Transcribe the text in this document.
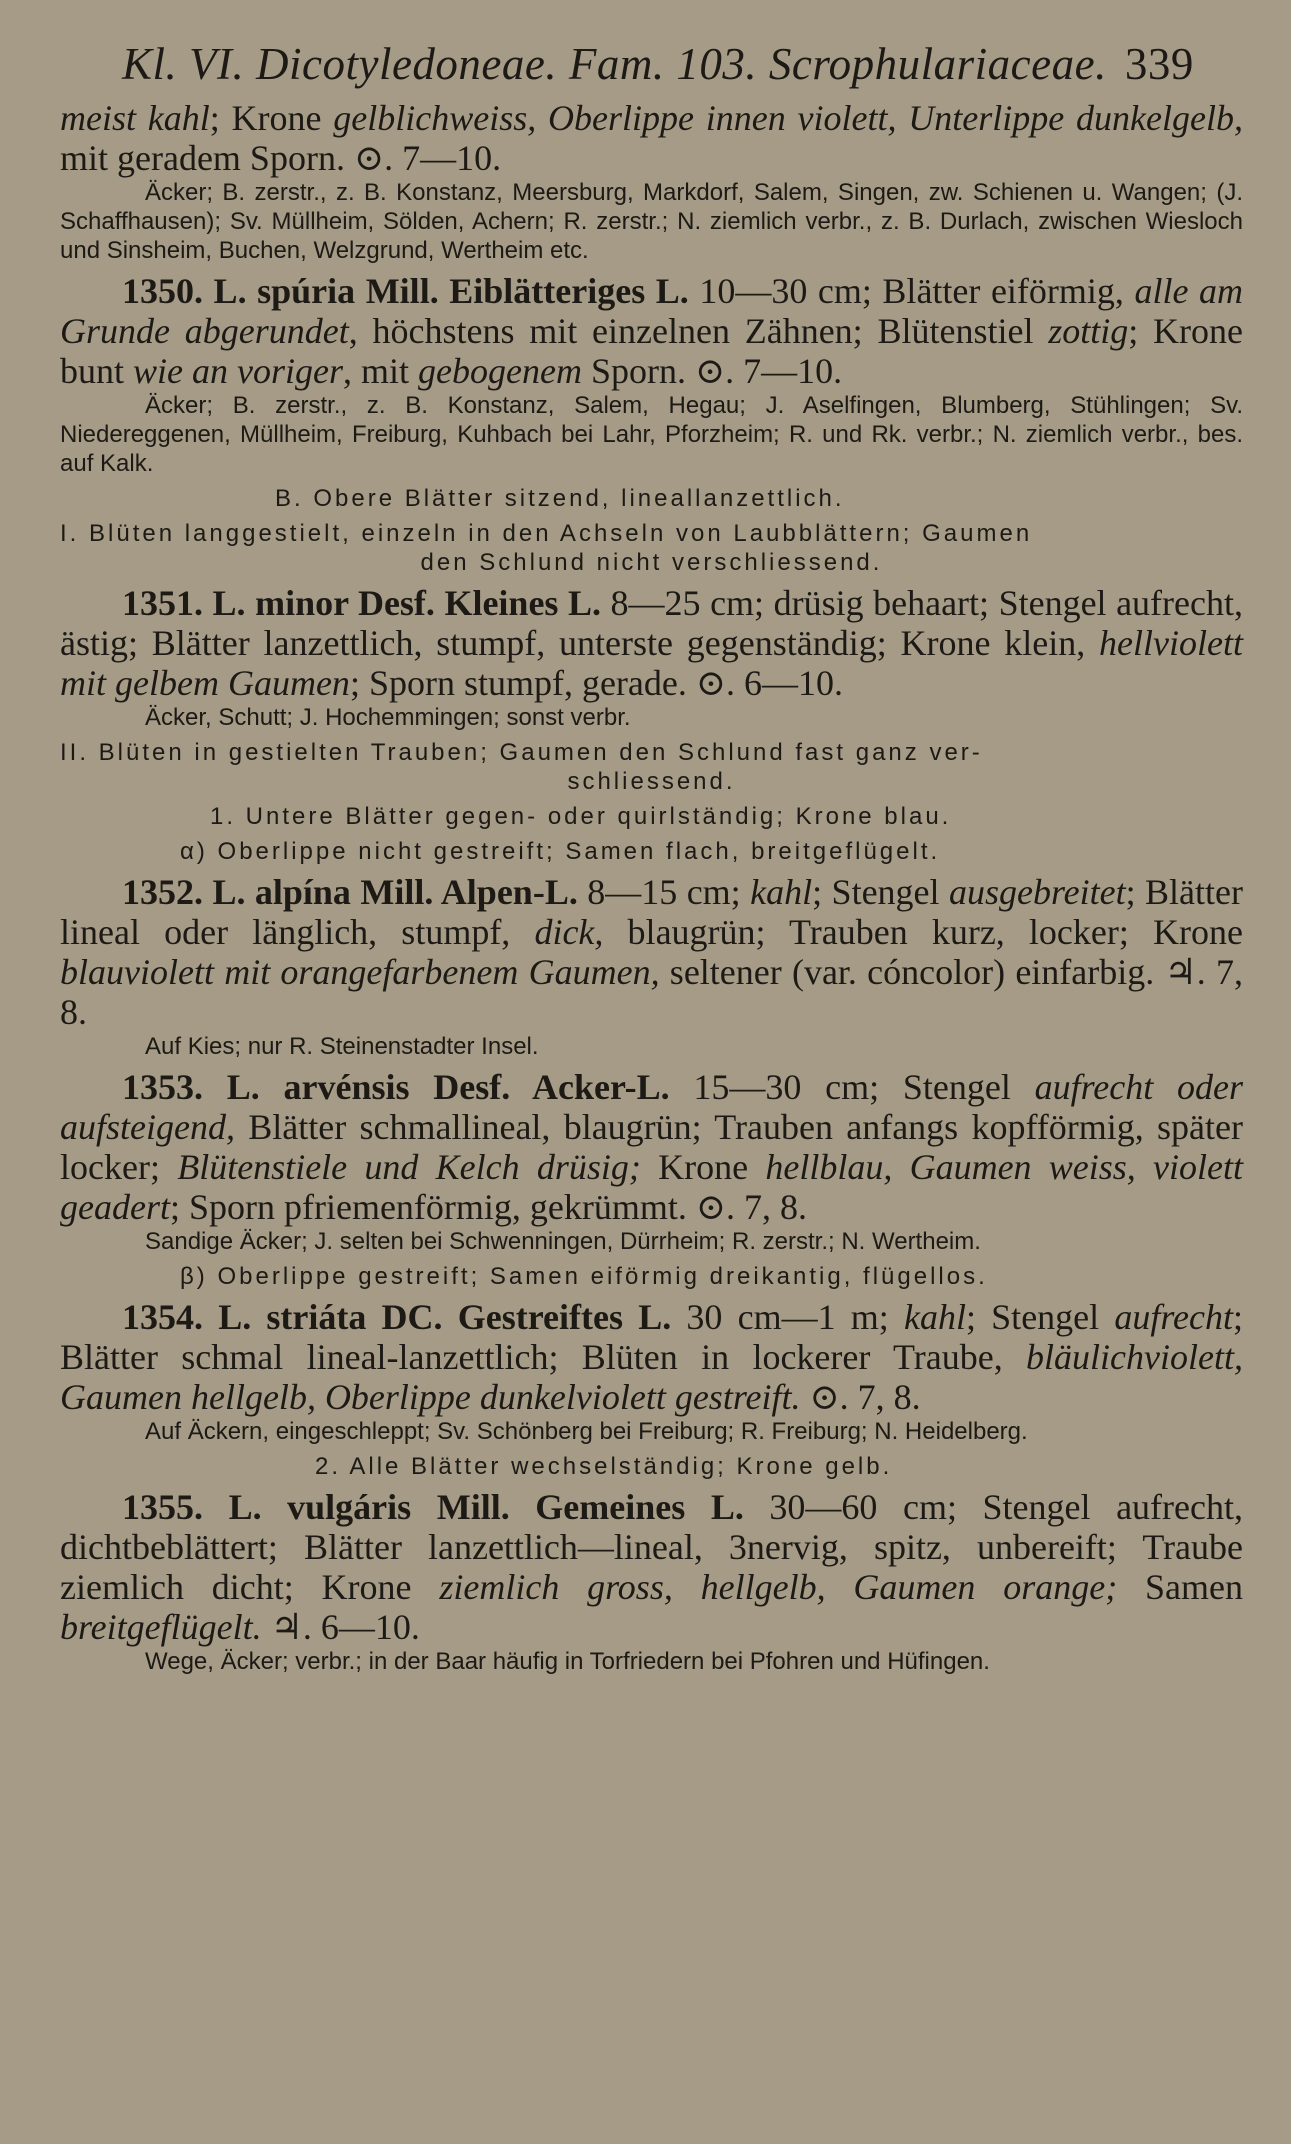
Kl. VI. Dicotyledoneae. Fam. 103. Scrophulariaceae. 339

meist kahl; Krone gelblichweiss, Oberlippe innen violett, Unterlippe dunkelgelb, mit geradem Sporn. ⊙. 7—10.

Äcker; B. zerstr., z. B. Konstanz, Meersburg, Markdorf, Salem, Singen, zw. Schienen u. Wangen; (J. Schaffhausen); Sv. Müllheim, Sölden, Achern; R. zerstr.; N. ziemlich verbr., z. B. Durlach, zwischen Wiesloch und Sinsheim, Buchen, Welzgrund, Wertheim etc.

1350. L. spúria Mill. Eiblätteriges L. 10—30 cm; Blätter eiförmig, alle am Grunde abgerundet, höchstens mit einzelnen Zähnen; Blütenstiel zottig; Krone bunt wie an voriger, mit gebogenem Sporn. ⊙. 7—10.

Äcker; B. zerstr., z. B. Konstanz, Salem, Hegau; J. Aselfingen, Blumberg, Stühlingen; Sv. Niedereggenen, Müllheim, Freiburg, Kuhbach bei Lahr, Pforzheim; R. und Rk. verbr.; N. ziemlich verbr., bes. auf Kalk.

B. Obere Blätter sitzend, lineallanzettlich.

I. Blüten langgestielt, einzeln in den Achseln von Laubblättern; Gaumen
den Schlund nicht verschliessend.

1351. L. minor Desf. Kleines L. 8—25 cm; drüsig behaart; Stengel aufrecht, ästig; Blätter lanzettlich, stumpf, unterste gegenständig; Krone klein, hellviolett mit gelbem Gaumen; Sporn stumpf, gerade. ⊙. 6—10.

Äcker, Schutt; J. Hochemmingen; sonst verbr.

II. Blüten in gestielten Trauben; Gaumen den Schlund fast ganz ver-
schliessend.

1. Untere Blätter gegen- oder quirlständig; Krone blau.

α) Oberlippe nicht gestreift; Samen flach, breitgeflügelt.

1352. L. alpína Mill. Alpen-L. 8—15 cm; kahl; Stengel ausgebreitet; Blätter lineal oder länglich, stumpf, dick, blaugrün; Trauben kurz, locker; Krone blauviolett mit orangefarbenem Gaumen, seltener (var. cóncolor) einfarbig. ♃. 7, 8.

Auf Kies; nur R. Steinenstadter Insel.

1353. L. arvénsis Desf. Acker-L. 15—30 cm; Stengel aufrecht oder aufsteigend, Blätter schmallineal, blaugrün; Trauben anfangs kopfförmig, später locker; Blütenstiele und Kelch drüsig; Krone hellblau, Gaumen weiss, violett geadert; Sporn pfriemenförmig, gekrümmt. ⊙. 7, 8.

Sandige Äcker; J. selten bei Schwenningen, Dürrheim; R. zerstr.; N. Wertheim.

β) Oberlippe gestreift; Samen eiförmig dreikantig, flügellos.

1354. L. striáta DC. Gestreiftes L. 30 cm—1 m; kahl; Stengel aufrecht; Blätter schmal lineal-lanzettlich; Blüten in lockerer Traube, bläulichviolett, Gaumen hellgelb, Oberlippe dunkelviolett gestreift. ⊙. 7, 8.

Auf Äckern, eingeschleppt; Sv. Schönberg bei Freiburg; R. Freiburg; N. Heidelberg.

2. Alle Blätter wechselständig; Krone gelb.

1355. L. vulgáris Mill. Gemeines L. 30—60 cm; Stengel aufrecht, dichtbeblättert; Blätter lanzettlich—lineal, 3nervig, spitz, unbereift; Traube ziemlich dicht; Krone ziemlich gross, hellgelb, Gaumen orange; Samen breitgeflügelt. ♃. 6—10.

Wege, Äcker; verbr.; in der Baar häufig in Torfriedern bei Pfohren und Hüfingen.
